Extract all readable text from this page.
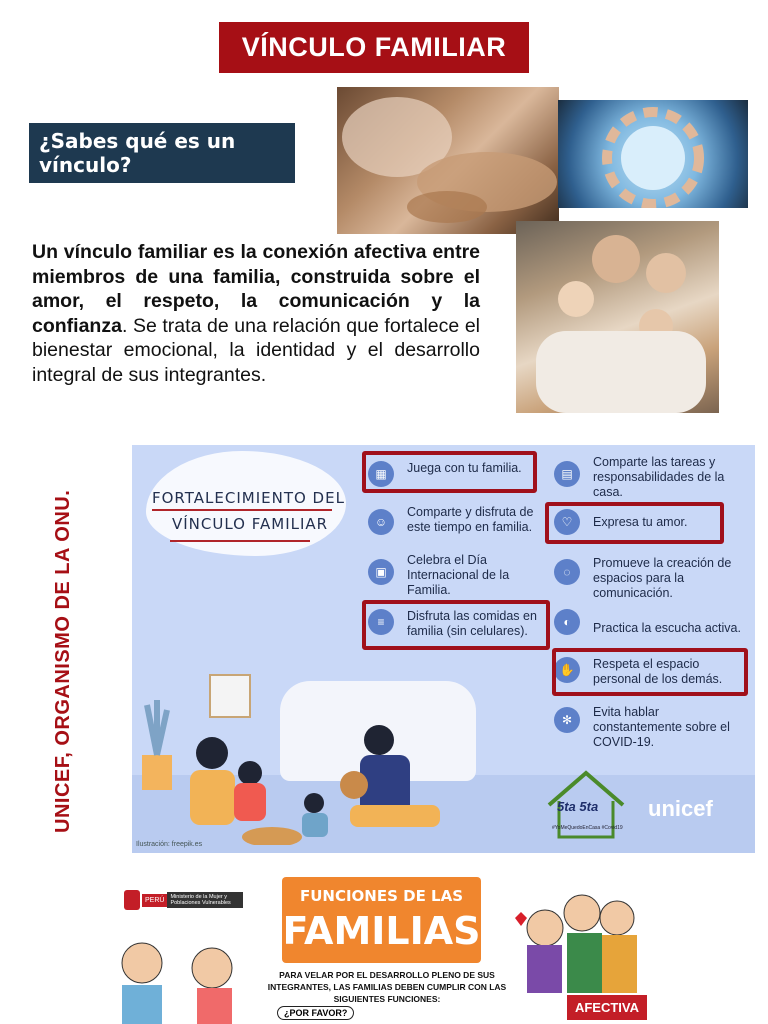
VÍNCULO FAMILIAR
¿Sabes qué es un vínculo?
Un vínculo familiar es la conexión afectiva entre miembros de una familia, construida sobre el amor, el respeto, la comunicación y la confianza. Se trata de una relación que fortalece el bienestar emocional, la identidad y el desarrollo integral de sus integrantes.
UNICEF, ORGANISMO DE LA ONU.	FORTALECIMIENTO DEL
VÍNCULO FAMILIAR
▦	Juega con tu familia.
☺
Comparte y disfruta de este tiempo en familia.
▣
Celebra el Día Internacional de la Familia.
≡	Disfruta las comidas en familia (sin celulares).
▤
Comparte las tareas y responsabilidades de la casa.
♡	Expresa tu amor.
◌
Promueve la creación de espacios para la comunicación.
◐	Practica la escucha activa.
✋	Respeta el espacio personal de los demás.
✻
Evita hablar constantemente sobre el COVID-19.
Ilustración: freepik.es
5ta 5ta
#YoMeQuedoEnCasa #Covid19
unicef
PERÚ	Ministerio de la Mujer y Poblaciones Vulnerables	FUNCIONES DE LAS
FAMILIAS
PARA VELAR POR EL DESARROLLO PLENO DE SUS INTEGRANTES, LAS FAMILIAS DEBEN CUMPLIR CON LAS SIGUIENTES FUNCIONES:
¿POR FAVOR?	AFECTIVA
